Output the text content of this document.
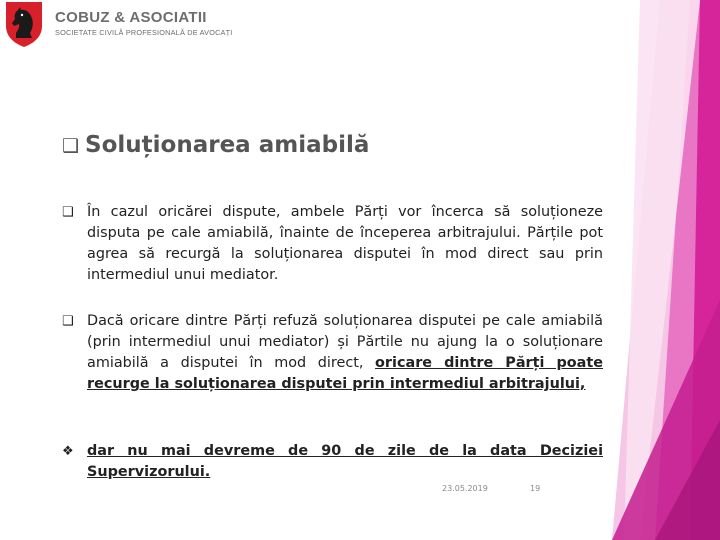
COBUZ & ASOCIATII
SOCIETATE CIVILĂ PROFESIONALĂ DE AVOCAȚI
❑ Soluționarea amiabilă
❑ În cazul oricărei dispute, ambele Părți vor încerca să soluționeze disputa pe cale amiabilă, înainte de începerea arbitrajului. Părțile pot agrea să recurgă la soluționarea disputei în mod direct sau prin intermediul unui mediator.
❑ Dacă oricare dintre Părți refuză soluționarea disputei pe cale amiabilă (prin intermediul unui mediator) și Părtile nu ajung la o soluționare amiabilă a disputei în mod direct, oricare dintre Părți poate recurge la soluționarea disputei prin intermediul arbitrajului,
❖ dar nu mai devreme de 90 de zile de la data Deciziei Supervizorului.
23.05.2019	19
